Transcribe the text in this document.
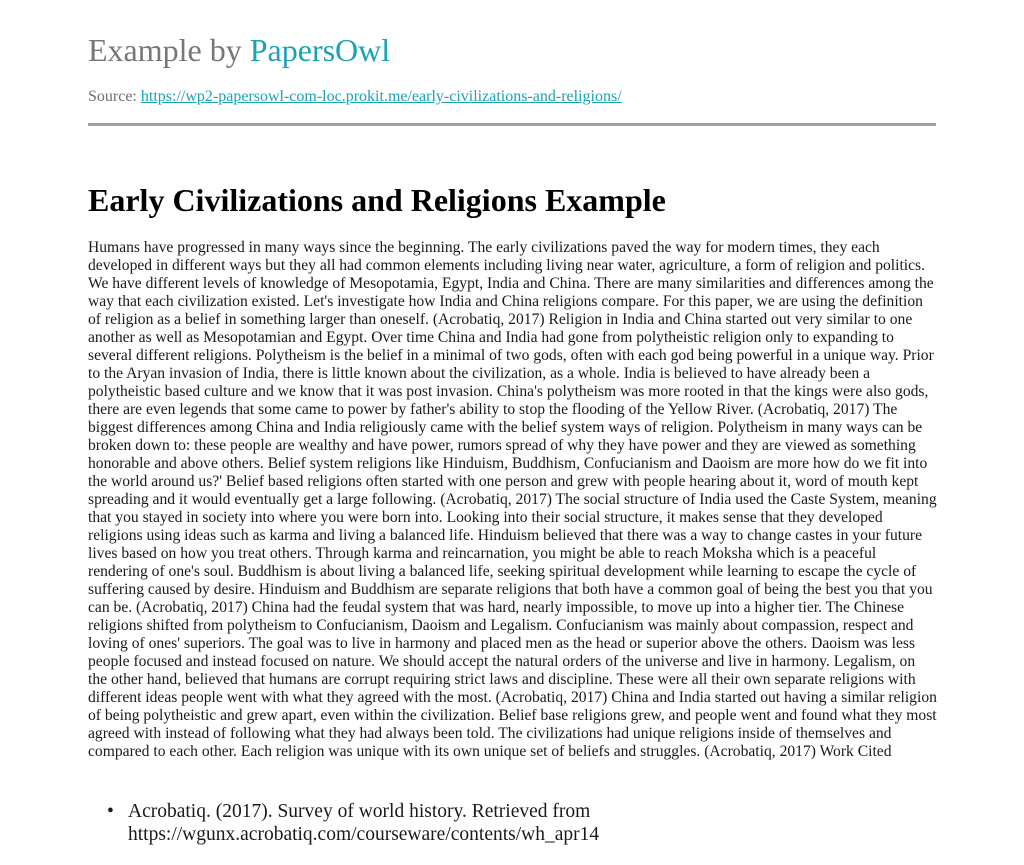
Example by PapersOwl
Source: https://wp2-papersowl-com-loc.prokit.me/early-civilizations-and-religions/
Early Civilizations and Religions Example

Humans have progressed in many ways since the beginning. The early civilizations paved the way for modern times, they each developed in different ways but they all had common elements including living near water, agriculture, a form of religion and politics. We have different levels of knowledge of Mesopotamia, Egypt, India and China. There are many similarities and differences among the way that each civilization existed. Let's investigate how India and China religions compare. For this paper, we are using the definition of religion as a belief in something larger than oneself. (Acrobatiq, 2017) Religion in India and China started out very similar to one another as well as Mesopotamian and Egypt. Over time China and India had gone from polytheistic religion only to expanding to several different religions. Polytheism is the belief in a minimal of two gods, often with each god being powerful in a unique way. Prior to the Aryan invasion of India, there is little known about the civilization, as a whole. India is believed to have already been a polytheistic based culture and we know that it was post invasion. China's polytheism was more rooted in that the kings were also gods, there are even legends that some came to power by father's ability to stop the flooding of the Yellow River. (Acrobatiq, 2017) The biggest differences among China and India religiously came with the belief system ways of religion. Polytheism in many ways can be broken down to: these people are wealthy and have power, rumors spread of why they have power and they are viewed as something honorable and above others. Belief system religions like Hinduism, Buddhism, Confucianism and Daoism are more how do we fit into the world around us?' Belief based religions often started with one person and grew with people hearing about it, word of mouth kept spreading and it would eventually get a large following. (Acrobatiq, 2017) The social structure of India used the Caste System, meaning that you stayed in society into where you were born into. Looking into their social structure, it makes sense that they developed religions using ideas such as karma and living a balanced life. Hinduism believed that there was a way to change castes in your future lives based on how you treat others. Through karma and reincarnation, you might be able to reach Moksha which is a peaceful rendering of one's soul. Buddhism is about living a balanced life, seeking spiritual development while learning to escape the cycle of suffering caused by desire. Hinduism and Buddhism are separate religions that both have a common goal of being the best you that you can be. (Acrobatiq, 2017) China had the feudal system that was hard, nearly impossible, to move up into a higher tier. The Chinese religions shifted from polytheism to Confucianism, Daoism and Legalism. Confucianism was mainly about compassion, respect and loving of ones' superiors. The goal was to live in harmony and placed men as the head or superior above the others. Daoism was less people focused and instead focused on nature. We should accept the natural orders of the universe and live in harmony. Legalism, on the other hand, believed that humans are corrupt requiring strict laws and discipline. These were all their own separate religions with different ideas people went with what they agreed with the most. (Acrobatiq, 2017) China and India started out having a similar religion of being polytheistic and grew apart, even within the civilization. Belief base religions grew, and people went and found what they most agreed with instead of following what they had always been told. The civilizations had unique religions inside of themselves and compared to each other. Each religion was unique with its own unique set of beliefs and struggles. (Acrobatiq, 2017) Work Cited

• Acrobatiq. (2017). Survey of world history. Retrieved from
https://wgunx.acrobatiq.com/courseware/contents/wh_apr14
